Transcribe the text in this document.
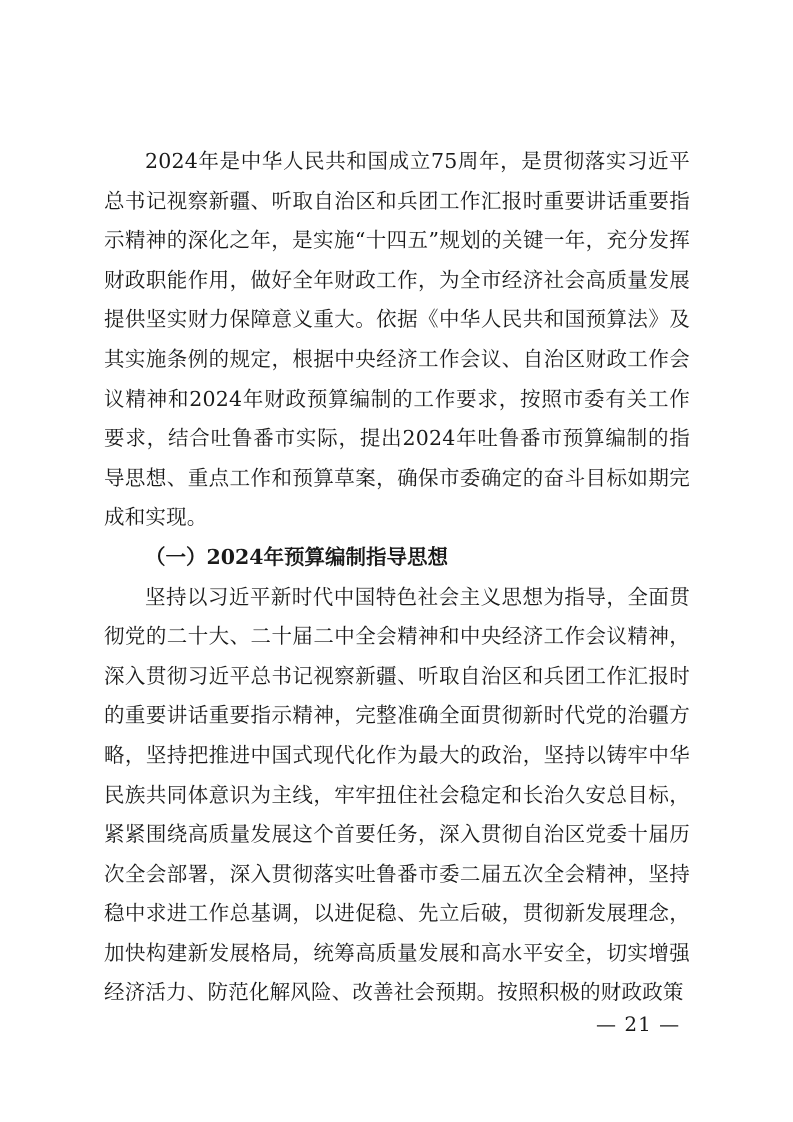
2024年是中华人民共和国成立75周年，是贯彻落实习近平总书记视察新疆、听取自治区和兵团工作汇报时重要讲话重要指示精神的深化之年，是实施“十四五”规划的关键一年，充分发挥财政职能作用，做好全年财政工作，为全市经济社会高质量发展提供坚实财力保障意义重大。依据《中华人民共和国预算法》及其实施条例的规定，根据中央经济工作会议、自治区财政工作会议精神和2024年财政预算编制的工作要求，按照市委有关工作要求，结合吐鲁番市实际，提出2024年吐鲁番市预算编制的指导思想、重点工作和预算草案，确保市委确定的奋斗目标如期完成和实现。

（一）2024年预算编制指导思想

坚持以习近平新时代中国特色社会主义思想为指导，全面贯彻党的二十大、二十届二中全会精神和中央经济工作会议精神，深入贯彻习近平总书记视察新疆、听取自治区和兵团工作汇报时的重要讲话重要指示精神，完整准确全面贯彻新时代党的治疆方略，坚持把推进中国式现代化作为最大的政治，坚持以铸牢中华民族共同体意识为主线，牢牢扭住社会稳定和长治久安总目标，紧紧围绕高质量发展这个首要任务，深入贯彻自治区党委十届历次全会部署，深入贯彻落实吐鲁番市委二届五次全会精神，坚持稳中求进工作总基调，以进促稳、先立后破，贯彻新发展理念，加快构建新发展格局，统筹高质量发展和高水平安全，切实增强经济活力、防范化解风险、改善社会预期。按照积极的财政政策

— 21 —
